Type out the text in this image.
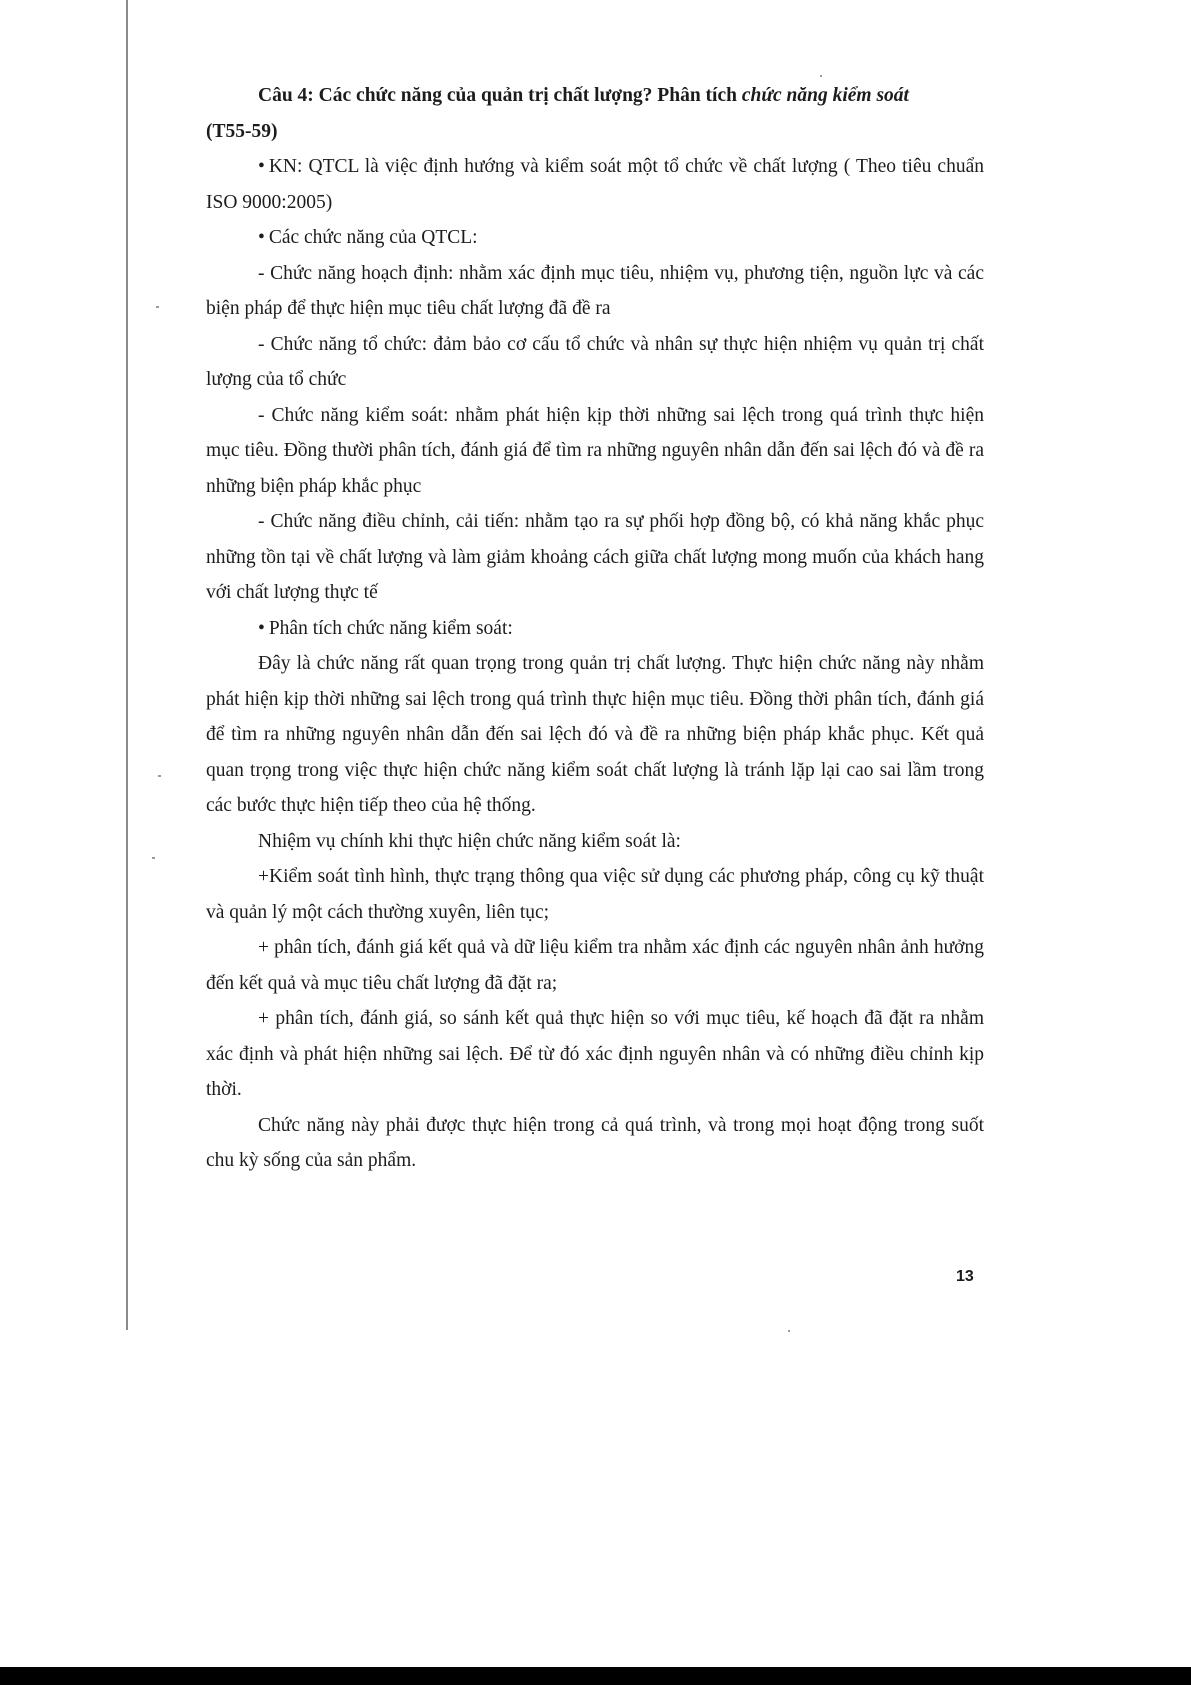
Câu 4: Các chức năng của quản trị chất lượng? Phân tích chức năng kiểm soát

(T55-59)

• KN: QTCL là việc định hướng và kiểm soát một tổ chức về chất lượng ( Theo tiêu chuẩn ISO 9000:2005)

• Các chức năng của QTCL:

- Chức năng hoạch định: nhằm xác định mục tiêu, nhiệm vụ, phương tiện, nguồn lực và các biện pháp để thực hiện mục tiêu chất lượng đã đề ra

- Chức năng tổ chức: đảm bảo cơ cấu tổ chức và nhân sự thực hiện nhiệm vụ quản trị chất lượng của tổ chức

- Chức năng kiểm soát: nhằm phát hiện kịp thời những sai lệch trong quá trình thực hiện mục tiêu. Đồng thười phân tích, đánh giá để tìm ra những nguyên nhân dẫn đến sai lệch đó và đề ra những biện pháp khắc phục

- Chức năng điều chỉnh, cải tiến: nhằm tạo ra sự phối hợp đồng bộ, có khả năng khắc phục những tồn tại về chất lượng và làm giảm khoảng cách giữa chất lượng mong muốn của khách hang với chất lượng thực tế

• Phân tích chức năng kiểm soát:

Đây là chức năng rất quan trọng trong quản trị chất lượng. Thực hiện chức năng này nhằm phát hiện kịp thời những sai lệch trong quá trình thực hiện mục tiêu. Đồng thời phân tích, đánh giá để tìm ra những nguyên nhân dẫn đến sai lệch đó và đề ra những biện pháp khắc phục. Kết quả quan trọng trong việc thực hiện chức năng kiểm soát chất lượng là tránh lặp lại cao sai lầm trong các bước thực hiện tiếp theo của hệ thống.

Nhiệm vụ chính khi thực hiện chức năng kiểm soát là:

+Kiểm soát tình hình, thực trạng thông qua việc sử dụng các phương pháp, công cụ kỹ thuật và quản lý một cách thường xuyên, liên tục;

+ phân tích, đánh giá kết quả và dữ liệu kiểm tra nhằm xác định các nguyên nhân ảnh hưởng đến kết quả và mục tiêu chất lượng đã đặt ra;

+ phân tích, đánh giá, so sánh kết quả thực hiện so với mục tiêu, kế hoạch đã đặt ra nhằm xác định và phát hiện những sai lệch. Để từ đó xác định nguyên nhân và có những điều chỉnh kịp thời.

Chức năng này phải được thực hiện trong cả quá trình, và trong mọi hoạt động trong suốt chu kỳ sống của sản phẩm.

13
